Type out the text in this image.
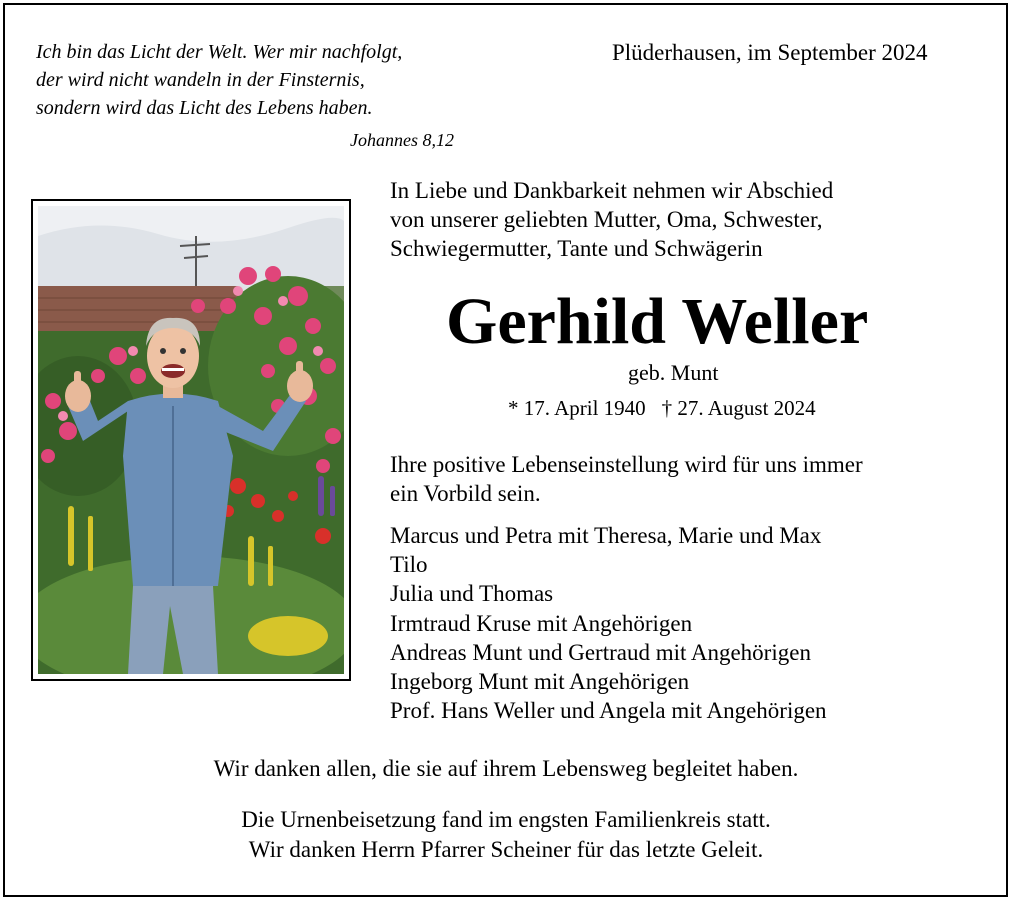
Ich bin das Licht der Welt. Wer mir nachfolgt,
der wird nicht wandeln in der Finsternis,
sondern wird das Licht des Lebens haben.
Johannes 8,12
Plüderhausen, im September 2024
In Liebe und Dankbarkeit nehmen wir Abschied
von unserer geliebten Mutter, Oma, Schwester,
Schwiegermutter, Tante und Schwägerin
Gerhild Weller
geb. Munt
* 17. April 1940 † 27. August 2024
Ihre positive Lebenseinstellung wird für uns immer
ein Vorbild sein.
Marcus und Petra mit Theresa, Marie und Max
Tilo
Julia und Thomas
Irmtraud Kruse mit Angehörigen
Andreas Munt und Gertraud mit Angehörigen
Ingeborg Munt mit Angehörigen
Prof. Hans Weller und Angela mit Angehörigen
Wir danken allen, die sie auf ihrem Lebensweg begleitet haben.
Die Urnenbeisetzung fand im engsten Familienkreis statt.
Wir danken Herrn Pfarrer Scheiner für das letzte Geleit.
